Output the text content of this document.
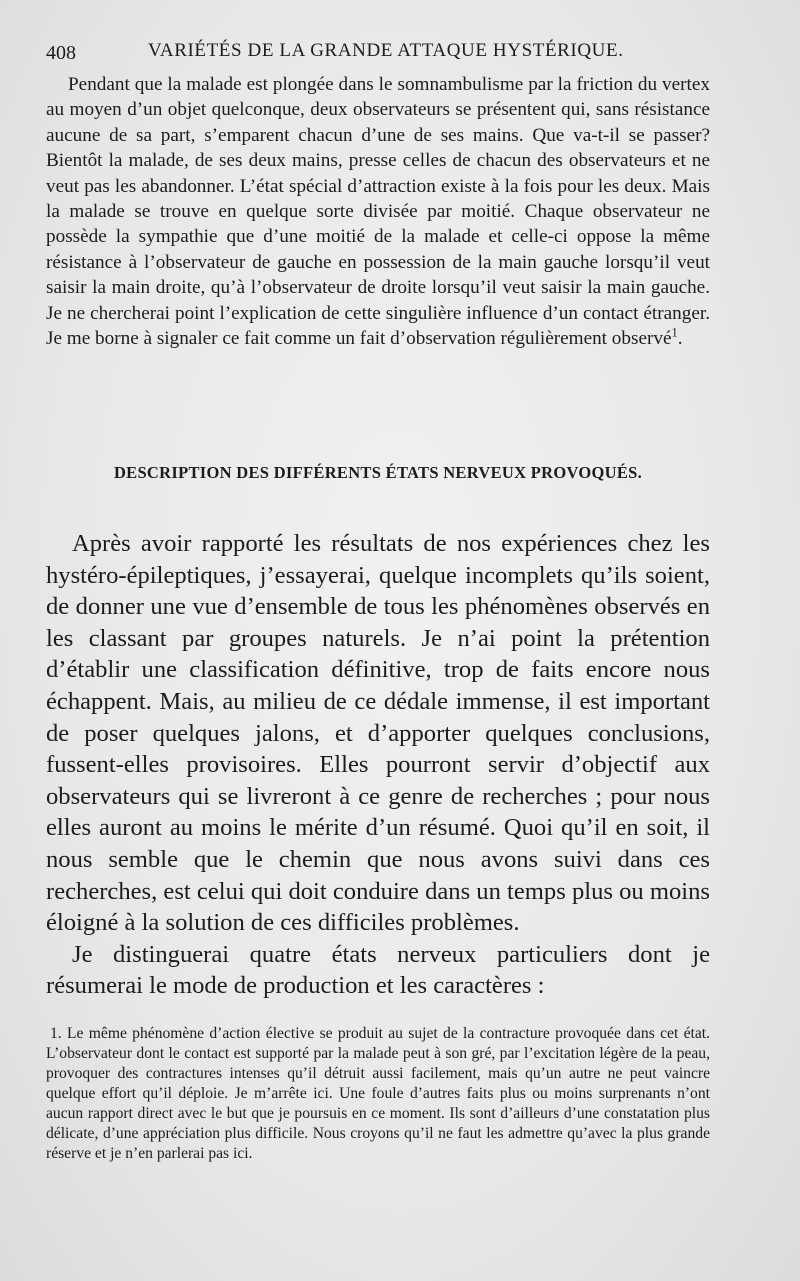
408	VARIÉTÉS DE LA GRANDE ATTAQUE HYSTÉRIQUE.

Pendant que la malade est plongée dans le somnambulisme par la friction du vertex au moyen d’un objet quelconque, deux observateurs se présentent qui, sans résistance aucune de sa part, s’emparent chacun d’une de ses mains. Que va-t-il se passer? Bientôt la malade, de ses deux mains, presse celles de chacun des observateurs et ne veut pas les abandonner. L’état spécial d’attraction existe à la fois pour les deux. Mais la malade se trouve en quelque sorte divisée par moitié. Chaque observateur ne possède la sympathie que d’une moitié de la malade et celle-ci oppose la même résistance à l’observateur de gauche en possession de la main gauche lorsqu’il veut saisir la main droite, qu’à l’observateur de droite lorsqu’il veut saisir la main gauche. Je ne chercherai point l’explication de cette singulière influence d’un contact étranger. Je me borne à signaler ce fait comme un fait d’observation régulièrement observé$^1$.

DESCRIPTION DES DIFFÉRENTS ÉTATS NERVEUX PROVOQUÉS.

Après avoir rapporté les résultats de nos expériences chez les hystéro-épileptiques, j’essayerai, quelque incomplets qu’ils soient, de donner une vue d’ensemble de tous les phénomènes observés en les classant par groupes naturels. Je n’ai point la prétention d’établir une classification définitive, trop de faits encore nous échappent. Mais, au milieu de ce dédale immense, il est important de poser quelques jalons, et d’apporter quelques conclusions, fussent-elles provisoires. Elles pourront servir d’objectif aux observateurs qui se livreront à ce genre de recherches ; pour nous elles auront au moins le mérite d’un résumé. Quoi qu’il en soit, il nous semble que le chemin que nous avons suivi dans ces recherches, est celui qui doit conduire dans un temps plus ou moins éloigné à la solution de ces difficiles problèmes.

Je distinguerai quatre états nerveux particuliers dont je résumerai le mode de production et les caractères :

1. Le même phénomène d’action élective se produit au sujet de la contracture provoquée dans cet état. L’observateur dont le contact est supporté par la malade peut à son gré, par l’excitation légère de la peau, provoquer des contractures intenses qu’il détruit aussi facilement, mais qu’un autre ne peut vaincre quelque effort qu’il déploie. Je m’arrête ici. Une foule d’autres faits plus ou moins surprenants n’ont aucun rapport direct avec le but que je poursuis en ce moment. Ils sont d’ailleurs d’une constatation plus délicate, d’une appréciation plus difficile. Nous croyons qu’il ne faut les admettre qu’avec la plus grande réserve et je n’en parlerai pas ici.
